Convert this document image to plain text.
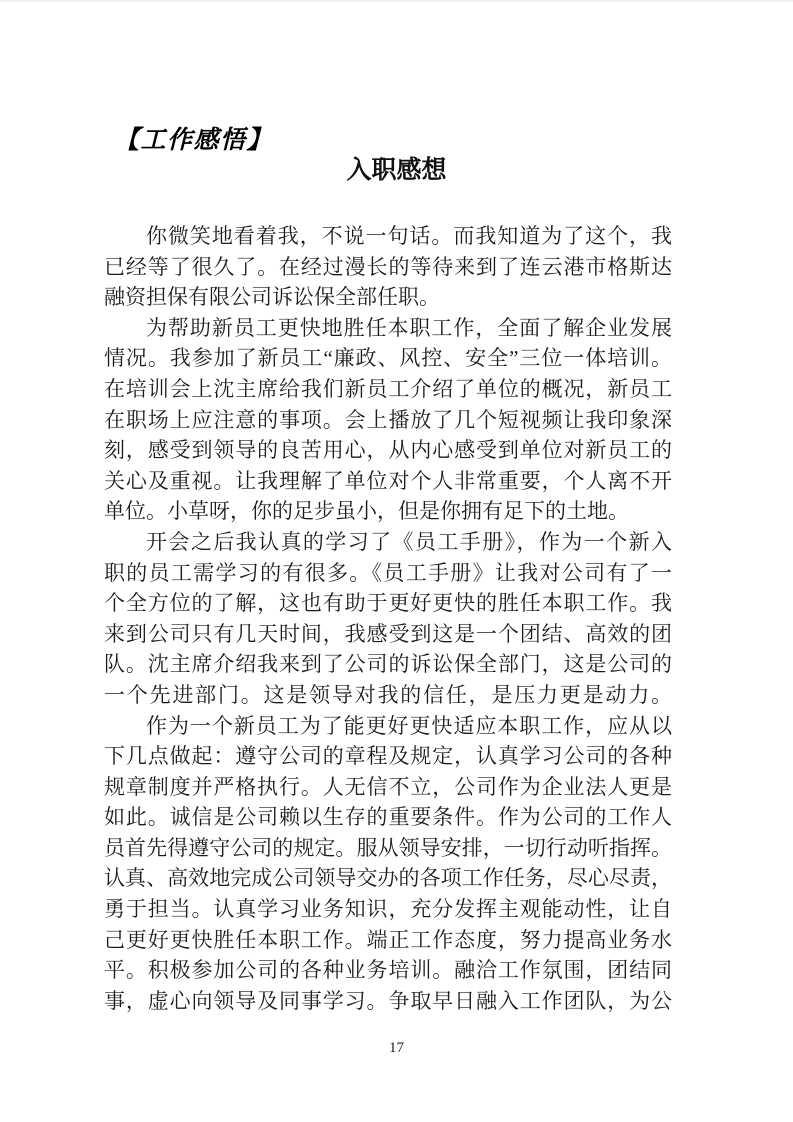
【工作感悟】
入职感想
你微笑地看着我，不说一句话。而我知道为了这个，我
已经等了很久了。在经过漫长的等待来到了连云港市格斯达
融资担保有限公司诉讼保全部任职。
为帮助新员工更快地胜任本职工作，全面了解企业发展
情况。我参加了新员工“廉政、风控、安全”三位一体培训。
在培训会上沈主席给我们新员工介绍了单位的概况，新员工
在职场上应注意的事项。会上播放了几个短视频让我印象深
刻，感受到领导的良苦用心，从内心感受到单位对新员工的
关心及重视。让我理解了单位对个人非常重要，个人离不开
单位。小草呀，你的足步虽小，但是你拥有足下的土地。
开会之后我认真的学习了《员工手册》，作为一个新入
职的员工需学习的有很多。《员工手册》让我对公司有了一
个全方位的了解，这也有助于更好更快的胜任本职工作。我
来到公司只有几天时间，我感受到这是一个团结、高效的团
队。沈主席介绍我来到了公司的诉讼保全部门，这是公司的
一个先进部门。这是领导对我的信任，是压力更是动力。
作为一个新员工为了能更好更快适应本职工作，应从以
下几点做起：遵守公司的章程及规定，认真学习公司的各种
规章制度并严格执行。人无信不立，公司作为企业法人更是
如此。诚信是公司赖以生存的重要条件。作为公司的工作人
员首先得遵守公司的规定。服从领导安排，一切行动听指挥。
认真、高效地完成公司领导交办的各项工作任务，尽心尽责，
勇于担当。认真学习业务知识，充分发挥主观能动性，让自
己更好更快胜任本职工作。端正工作态度，努力提高业务水
平。积极参加公司的各种业务培训。融洽工作氛围，团结同
事，虚心向领导及同事学习。争取早日融入工作团队，为公
17
